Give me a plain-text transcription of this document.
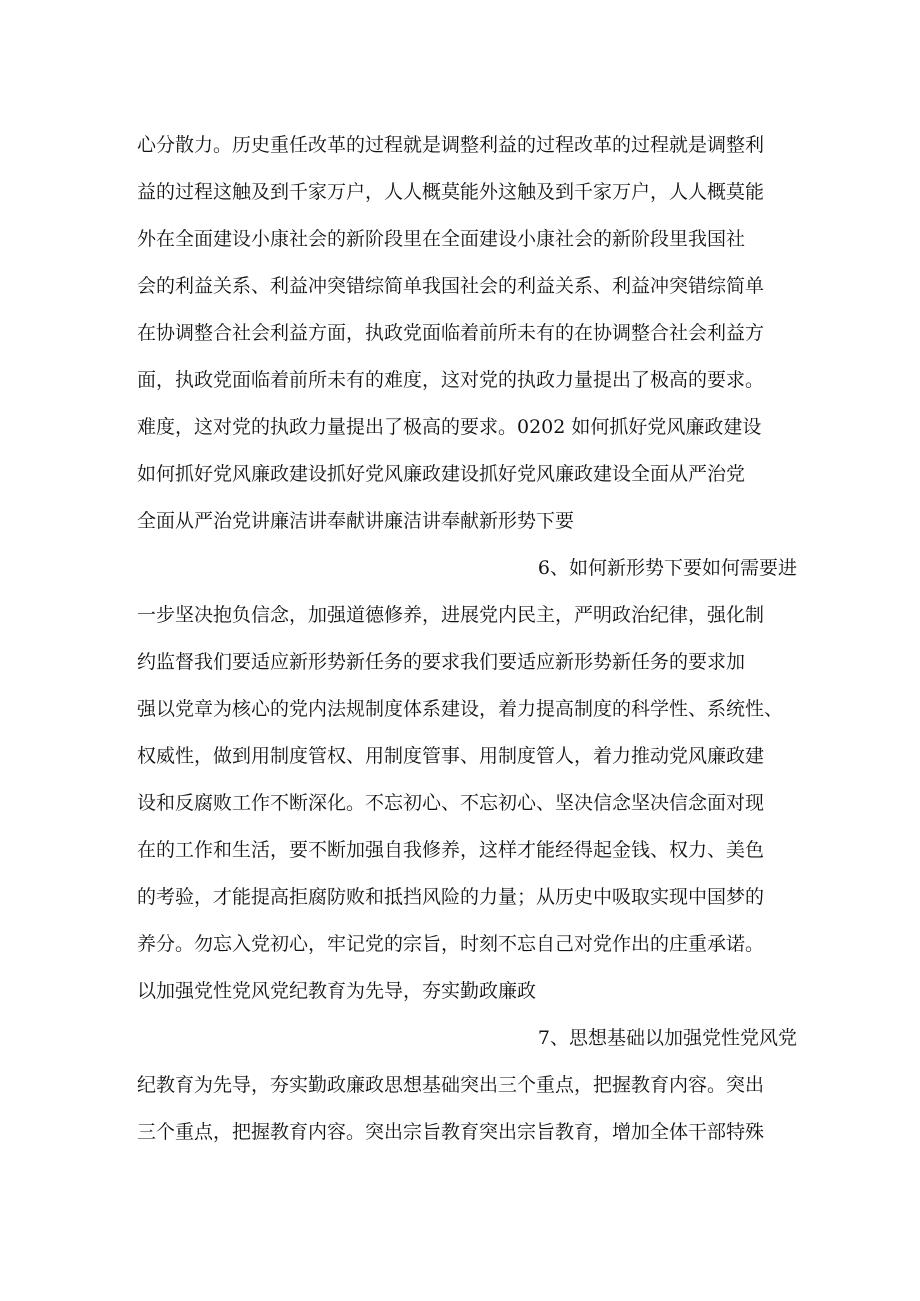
心分散力。历史重任改革的过程就是调整利益的过程改革的过程就是调整利
益的过程这触及到千家万户，人人概莫能外这触及到千家万户，人人概莫能
外在全面建设小康社会的新阶段里在全面建设小康社会的新阶段里我国社
会的利益关系、利益冲突错综简单我国社会的利益关系、利益冲突错综简单
在协调整合社会利益方面，执政党面临着前所未有的在协调整合社会利益方
面，执政党面临着前所未有的难度，这对党的执政力量提出了极高的要求。
难度，这对党的执政力量提出了极高的要求。0202 如何抓好党风廉政建设
如何抓好党风廉政建设抓好党风廉政建设抓好党风廉政建设全面从严治党
全面从严治党讲廉洁讲奉献讲廉洁讲奉献新形势下要
6、如何新形势下要如何需要进
一步坚决抱负信念，加强道德修养，进展党内民主，严明政治纪律，强化制
约监督我们要适应新形势新任务的要求我们要适应新形势新任务的要求加
强以党章为核心的党内法规制度体系建设，着力提高制度的科学性、系统性、
权威性，做到用制度管权、用制度管事、用制度管人，着力推动党风廉政建
设和反腐败工作不断深化。不忘初心、不忘初心、坚决信念坚决信念面对现
在的工作和生活，要不断加强自我修养，这样才能经得起金钱、权力、美色
的考验，才能提高拒腐防败和抵挡风险的力量；从历史中吸取实现中国梦的
养分。勿忘入党初心，牢记党的宗旨，时刻不忘自己对党作出的庄重承诺。
以加强党性党风党纪教育为先导，夯实勤政廉政
7、思想基础以加强党性党风党
纪教育为先导，夯实勤政廉政思想基础突出三个重点，把握教育内容。突出
三个重点，把握教育内容。突出宗旨教育突出宗旨教育，增加全体干部特殊
